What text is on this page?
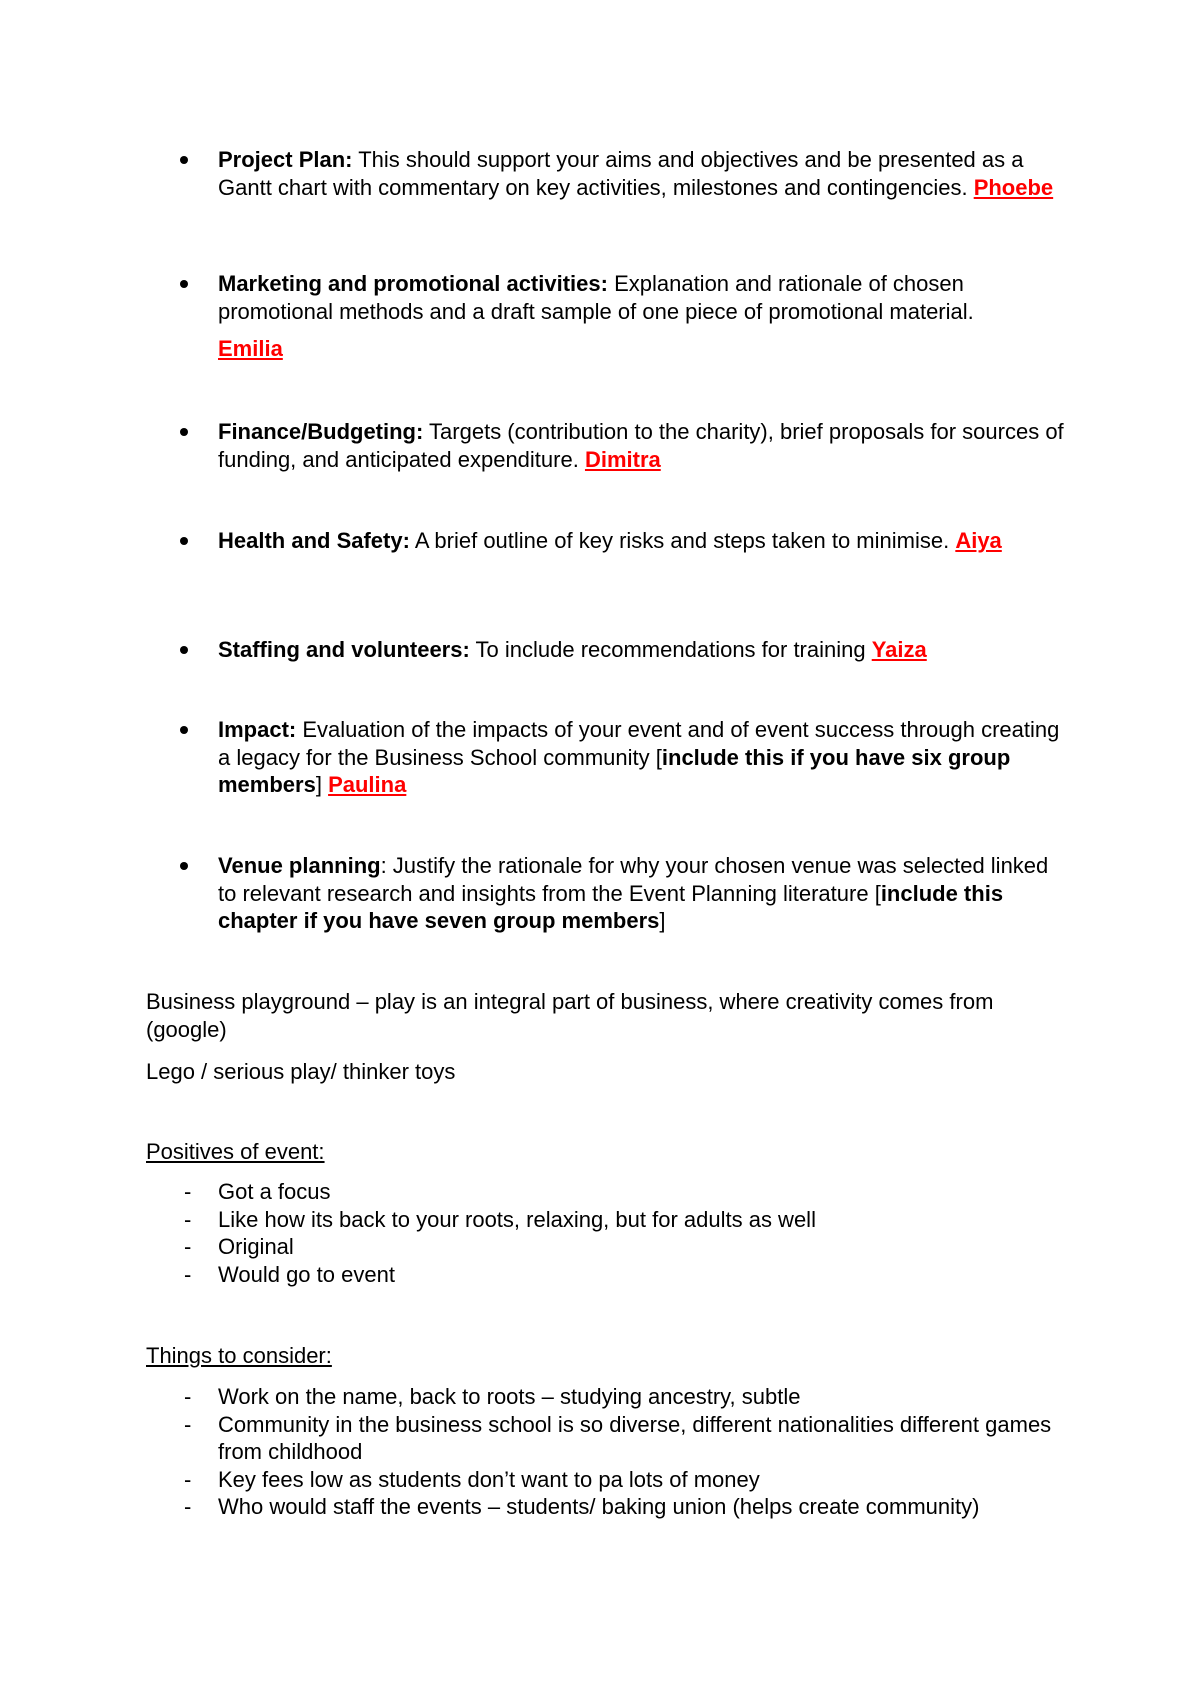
Project Plan: This should support your aims and objectives and be presented as a Gantt chart with commentary on key activities, milestones and contingencies. Phoebe
Marketing and promotional activities: Explanation and rationale of chosen promotional methods and a draft sample of one piece of promotional material.
Emilia
Finance/Budgeting: Targets (contribution to the charity), brief proposals for sources of funding, and anticipated expenditure. Dimitra
Health and Safety: A brief outline of key risks and steps taken to minimise. Aiya
Staffing and volunteers: To include recommendations for training Yaiza
Impact: Evaluation of the impacts of your event and of event success through creating a legacy for the Business School community [include this if you have six group members] Paulina
Venue planning: Justify the rationale for why your chosen venue was selected linked to relevant research and insights from the Event Planning literature [include this chapter if you have seven group members]
Business playground – play is an integral part of business, where creativity comes from (google)
Lego / serious play/ thinker toys
Positives of event:
- Got a focus
- Like how its back to your roots, relaxing, but for adults as well
- Original
- Would go to event
Things to consider:
- Work on the name, back to roots – studying ancestry, subtle
- Community in the business school is so diverse, different nationalities different games from childhood
- Key fees low as students don’t want to pa lots of money
- Who would staff the events – students/ baking union (helps create community)
